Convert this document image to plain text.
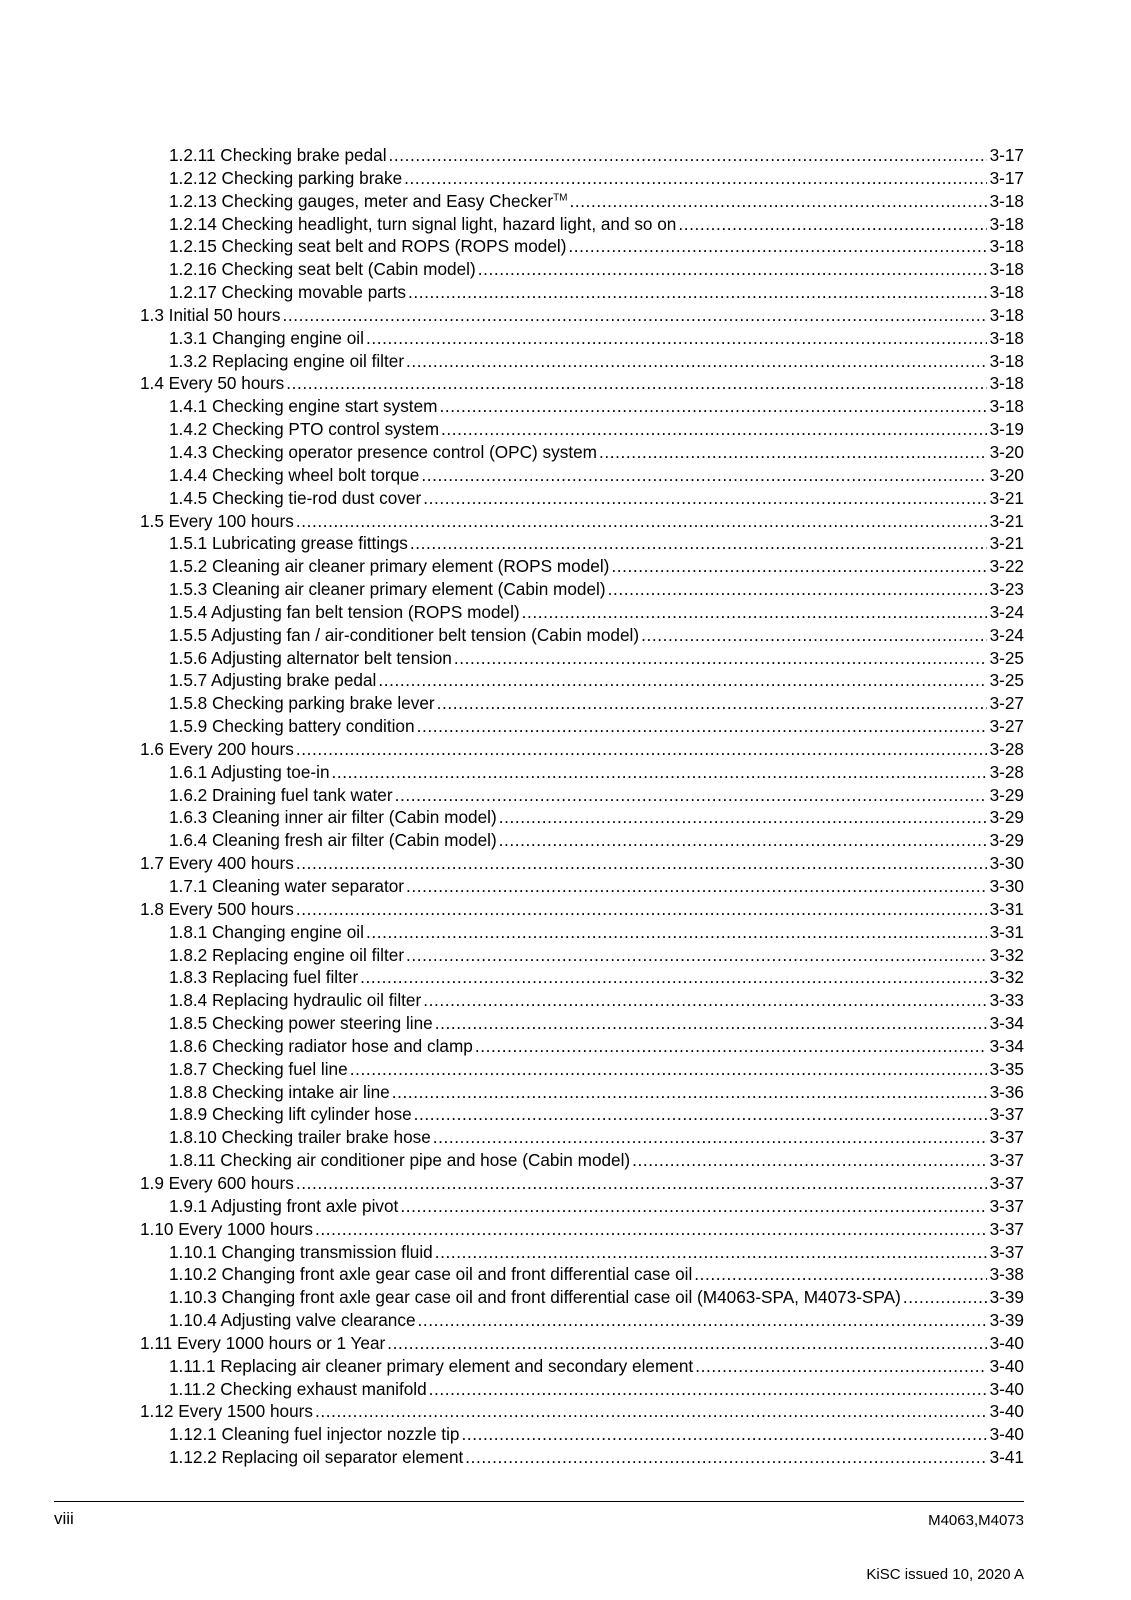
1.2.11 Checking brake pedal .....	3-17
1.2.12 Checking parking brake .....	3-17
1.2.13 Checking gauges, meter and Easy Checker™ .....	3-18
1.2.14 Checking headlight, turn signal light, hazard light, and so on .....	3-18
1.2.15 Checking seat belt and ROPS (ROPS model) .....	3-18
1.2.16 Checking seat belt (Cabin model) .....	3-18
1.2.17 Checking movable parts .....	3-18
1.3 Initial 50 hours .....	3-18
1.3.1 Changing engine oil .....	3-18
1.3.2 Replacing engine oil filter .....	3-18
1.4 Every 50 hours .....	3-18
1.4.1 Checking engine start system .....	3-18
1.4.2 Checking PTO control system .....	3-19
1.4.3 Checking operator presence control (OPC) system .....	3-20
1.4.4 Checking wheel bolt torque .....	3-20
1.4.5 Checking tie-rod dust cover .....	3-21
1.5 Every 100 hours .....	3-21
1.5.1 Lubricating grease fittings .....	3-21
1.5.2 Cleaning air cleaner primary element (ROPS model) .....	3-22
1.5.3 Cleaning air cleaner primary element (Cabin model) .....	3-23
1.5.4 Adjusting fan belt tension (ROPS model) .....	3-24
1.5.5 Adjusting fan / air-conditioner belt tension (Cabin model) .....	3-24
1.5.6 Adjusting alternator belt tension .....	3-25
1.5.7 Adjusting brake pedal .....	3-25
1.5.8 Checking parking brake lever .....	3-27
1.5.9 Checking battery condition .....	3-27
1.6 Every 200 hours .....	3-28
1.6.1 Adjusting toe-in .....	3-28
1.6.2 Draining fuel tank water .....	3-29
1.6.3 Cleaning inner air filter (Cabin model) .....	3-29
1.6.4 Cleaning fresh air filter (Cabin model) .....	3-29
1.7 Every 400 hours .....	3-30
1.7.1 Cleaning water separator .....	3-30
1.8 Every 500 hours .....	3-31
1.8.1 Changing engine oil .....	3-31
1.8.2 Replacing engine oil filter .....	3-32
1.8.3 Replacing fuel filter .....	3-32
1.8.4 Replacing hydraulic oil filter .....	3-33
1.8.5 Checking power steering line .....	3-34
1.8.6 Checking radiator hose and clamp .....	3-34
1.8.7 Checking fuel line .....	3-35
1.8.8 Checking intake air line .....	3-36
1.8.9 Checking lift cylinder hose .....	3-37
1.8.10 Checking trailer brake hose .....	3-37
1.8.11 Checking air conditioner pipe and hose (Cabin model) .....	3-37
1.9 Every 600 hours .....	3-37
1.9.1 Adjusting front axle pivot .....	3-37
1.10 Every 1000 hours .....	3-37
1.10.1 Changing transmission fluid .....	3-37
1.10.2 Changing front axle gear case oil and front differential case oil .....	3-38
1.10.3 Changing front axle gear case oil and front differential case oil (M4063-SPA, M4073-SPA) .....	3-39
1.10.4 Adjusting valve clearance .....	3-39
1.11 Every 1000 hours or 1 Year .....	3-40
1.11.1 Replacing air cleaner primary element and secondary element .....	3-40
1.11.2 Checking exhaust manifold .....	3-40
1.12 Every 1500 hours .....	3-40
1.12.1 Cleaning fuel injector nozzle tip .....	3-40
1.12.2 Replacing oil separator element .....	3-41
viii	M4063,M4073
KiSC issued 10, 2020 A
